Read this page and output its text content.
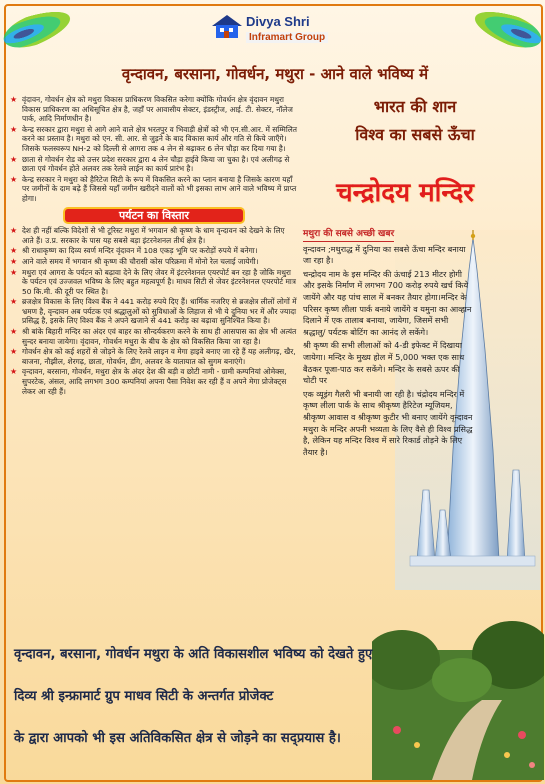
Divya Shri
Inframart Group
वृन्दावन, बरसाना, गोवर्धन, मथुरा - आने वाले भविष्य में
भारत की शान
विश्व का सबसे ऊँचा
चन्द्रोदय मन्दिर
★ वृंदावन, गोवर्धन क्षेत्र को मथुरा विकास प्राधिकरण विकसित करेगा क्योंकि गोवर्धन क्षेत्र वृंदावन मथुरा विकास प्राधिकरण का अधिसूचित क्षेत्र है, जहाँ पर आवासीय सेक्टर, इंडस्ट्रीज, आई. टी. सेक्टर, नॉलेज पार्क, आदि निर्माणधीन है।
★ केन्द्र सरकार द्वारा मथुरा से आगे आने वाले क्षेत्र भरतपुर व भिवाड़ी क्षेत्रों को भी एन.सी.आर. में सम्मिलित करने का प्रस्ताव है। मथुरा को एन. सी. आर. से जुड़ने के बाद विकास कार्य और गति से किये जाएँगे। जिसके फलस्वरूप NH-2 को दिल्ली से आगरा तक 4 लेन से बढ़ाकर 6 लेन चौड़ा कर दिया गया है।
★ छाता से गोवर्धन रोड को उत्तर प्रदेश सरकार द्वारा 4 लेन चौड़ा हाईवे किया जा चुका है। एवं अलीगढ़ से छाता एवं गोवर्धन होते अलवर तक रेलवे लाईन का कार्य प्रारंभ है।
★ केन्द्र सरकार ने मथुरा को हैरिटेज सिटी के रूप में विकसित करने का प्लान बनाया है जिसके कारण यहाँ पर जमीनों के दाम बढ़े हैं जिससे यहाँ जमीन खरीदने वालों को भी इसका लाभ आने वाले भविष्य में प्राप्त होगा।
पर्यटन का विस्तार
★ देश ही नहीं बल्कि विदेशों से भी टूरिस्ट मथुरा में भगवान श्री कृष्ण के धाम वृन्दावन को देखने के लिए आते हैं। उ.प्र. सरकार के पास यह सबसे बड़ा इंटरनेशनल तीर्थ क्षेत्र है।
★ श्री राधाकृष्ण का दिव्य स्वर्ण मन्दिर वृंदावन में 108 एकड़ भूमि पर करोड़ों रुपये में बनेगा।
★ आने वाले समय में भगवान श्री कृष्ण की चौरासी कोस परिक्रमा में मोनो रेल चलाई जायेगी।
★ मथुरा एवं आगरा के पर्यटन को बढ़ावा देने के लिए जेवर में इंटरनेशनल एयरपोर्ट बन रहा है जोकि मथुरा के पर्यटन एवं उज्जवल भविष्य के लिए बहुत महत्वपूर्ण है। माधव सिटी से जेवर इंटरनेशनल एयरपोर्ट मात्र 50 कि.मी. की दूरी पर स्थित है।
★ ब्रजक्षेत्र विकास के लिए विश्व बैंक ने 441 करोड़ रुपये दिए हैं। धार्मिक नजरिए से ब्रजक्षेत्र लीलों लोगों में भ्रमण है, वृन्दावन अब पर्यटक एवं श्रद्धालुओं को सुविधाओं के लिहाज से भी ये दुनिया भर में और ज्यादा प्रसिद्ध है, इसके लिए विश्व बैंक ने अपने खजाने से 441 करोड़ का बढ़ावा सुनिश्चित किया है।
★ श्री बांके बिहारी मन्दिर का अंदर एवं बाहर का सौन्दर्यकरण करने के साथ ही आसपास का क्षेत्र भी अत्यंत सुन्दर बनाया जायेगा। वृंदावन, गोवर्धन मथुरा के बीच के क्षेत्र को विकसित किया जा रहा है।
★ गोवर्धन क्षेत्र को कई शहरों से जोड़ने के लिए रेलवे लाइन व मेगा हाइवे बनाए जा रहे हैं यह अलीगढ़, खैर, बाजना, नौझील, शेरगढ़, छाता, गोवर्धन, डीग, अलवर के यातायात को सुगम बनाएंगे।
★ वृन्दावन, बरसाना, गोवर्धन, मथुरा क्षेत्र के अंदर देश की बड़ी व छोटी नामी - ग्रामी कम्पनियां ओमेक्स, सुपरटेक, अंसल, आदि लगभग 300 कम्पनियां अपना पैसा निवेश कर रही हैं व अपने मेगा प्रोजेक्ट्स लेकर आ रही हैं।
मथुरा की सबसे अच्छी खबर

वृन्दावन ;मथुराद्ध में दुनिया का सबसे ऊँचा मन्दिर बनाया जा रहा है।

चन्द्रोदय नाम के इस मन्दिर की ऊंचाई 213 मीटर होगी और इसके निर्माण में लगभग 700 करोड़ रुपये खर्च किये जायेंगे और यह पांच साल में बनकर तैयार होगा।मन्दिर के परिसर कृष्ण लीला पार्क बनाये जायेंगे व यमुना का आव्हान दिलाने में एक तालाब बनाया, जायेगा, जिसमें सभी श्रद्धालु/ पर्यटक बोटिंग का आनंद ले सकेंगे।

श्री कृष्ण की सभी लीलाओं को 4-डी इफेक्ट में दिखाया जायेगा। मन्दिर के मुख्य होल में 5,000 भक्त एक साथ बैठकर पूजा-पाठ कर सकेंगे। मन्दिर के सबसे ऊपर की चोटी पर

एक व्यूइंग गैलरी भी बनायी जा रही है। चंद्रोदय मन्दिर में कृष्ण लीला पार्क के साथ श्रीकृष्ण हैरिटेज म्यूजियम, श्रीकृष्ण आवास व श्रीकृष्ण कुटीर भी बनाए जायेंगे वृन्दावन मथुरा के मन्दिर अपनी भव्यता के लिए वैसे ही विश्व प्रसिद्ध है, लेकिन यह मन्दिर विश्व में सारे रिकार्ड तोड़ने के लिए तैयार है।

वृन्दावन, बरसाना, गोवर्धन मथुरा के अति विकासशील भविष्य को देखते हुए
दिव्य श्री इन्फ्रामार्ट ग्रुप माधव सिटी के अन्तर्गत प्रोजेक्ट
के द्वारा आपको भी इस अतिविकसित क्षेत्र से जोड़ने का सद्प्रयास है।
